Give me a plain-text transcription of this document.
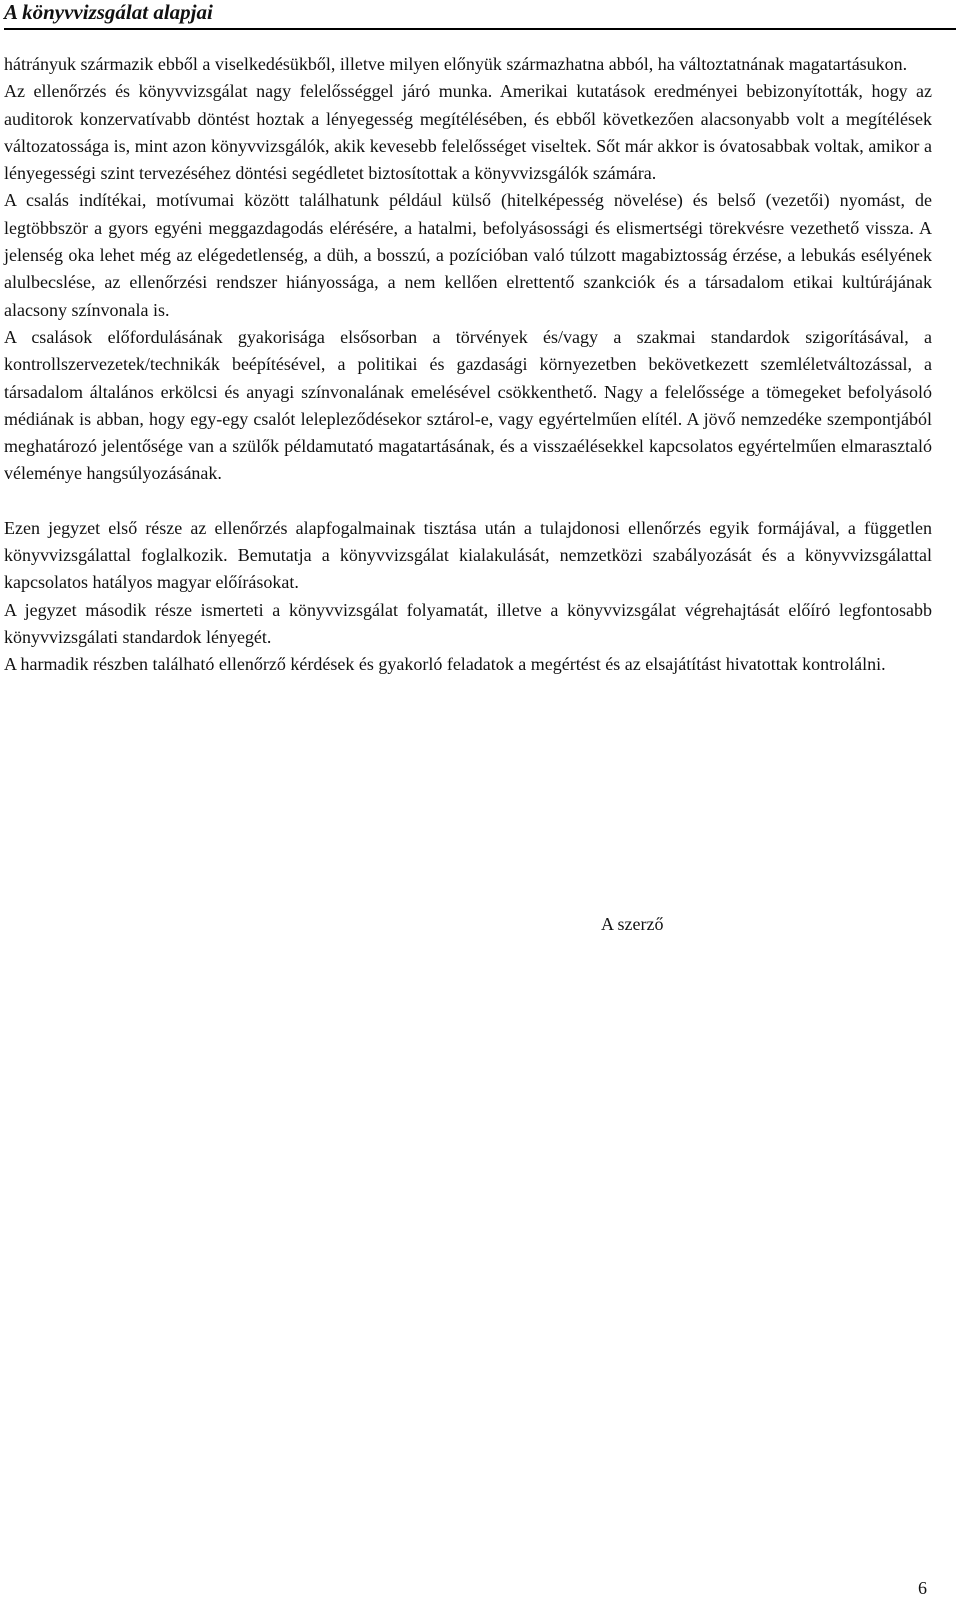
A könyvvizsgálat alapjai

hátrányuk származik ebből a viselkedésükből, illetve milyen előnyük származhatna abból, ha változtatnának magatartásukon.

Az ellenőrzés és könyvvizsgálat nagy felelősséggel járó munka. Amerikai kutatások eredményei bebizonyították, hogy az auditorok konzervatívabb döntést hoztak a lényegesség megítélésében, és ebből következően alacsonyabb volt a megítélések változatossága is, mint azon könyvvizsgálók, akik kevesebb felelősséget viseltek. Sőt már akkor is óvatosabbak voltak, amikor a lényegességi szint tervezéséhez döntési segédletet biztosítottak a könyvvizsgálók számára.

A csalás indítékai, motívumai között találhatunk például külső (hitelképesség növelése) és belső (vezetői) nyomást, de legtöbbször a gyors egyéni meggazdagodás elérésére, a hatalmi, befolyásossági és elismertségi törekvésre vezethető vissza. A jelenség oka lehet még az elégedetlenség, a düh, a bosszú, a pozícióban való túlzott magabiztosság érzése, a lebukás esélyének alulbecslése, az ellenőrzési rendszer hiányossága, a nem kellően elrettentő szankciók és a társadalom etikai kultúrájának alacsony színvonala is.

A csalások előfordulásának gyakorisága elsősorban a törvények és/vagy a szakmai standardok szigorításával, a kontrollszervezetek/technikák beépítésével, a politikai és gazdasági környezetben bekövetkezett szemléletváltozással, a társadalom általános erkölcsi és anyagi színvonalának emelésével csökkenthető. Nagy a felelőssége a tömegeket befolyásoló médiának is abban, hogy egy-egy csalót lelepleződésekor sztárol-e, vagy egyértelműen elítél. A jövő nemzedéke szempontjából meghatározó jelentősége van a szülők példamutató magatartásának, és a visszaélésekkel kapcsolatos egyértelműen elmarasztaló véleménye hangsúlyozásának.

Ezen jegyzet első része az ellenőrzés alapfogalmainak tisztása után a tulajdonosi ellenőrzés egyik formájával, a független könyvvizsgálattal foglalkozik. Bemutatja a könyvvizsgálat kialakulását, nemzetközi szabályozását és a könyvvizsgálattal kapcsolatos hatályos magyar előírásokat.

A jegyzet második része ismerteti a könyvvizsgálat folyamatát, illetve a könyvvizsgálat végrehajtását előíró legfontosabb könyvvizsgálati standardok lényegét.

A harmadik részben található ellenőrző kérdések és gyakorló feladatok a megértést és az elsajátítást hivatottak kontrolálni.

A szerző
6
